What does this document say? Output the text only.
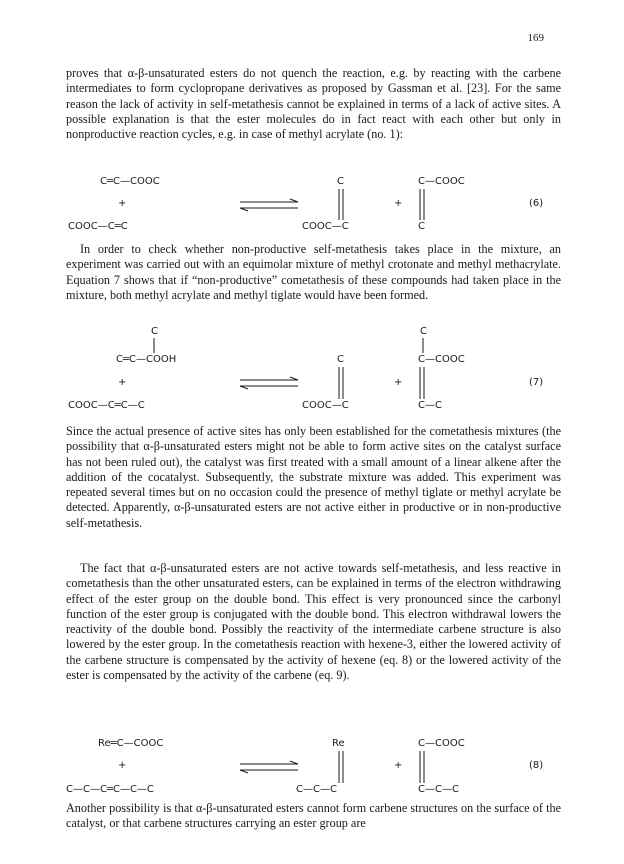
169

proves that α-β-unsaturated esters do not quench the reaction, e.g. by reacting with the carbene intermediates to form cyclopropane derivatives as proposed by Gassman et al. [23]. For the same reason the lack of activity in self-metathesis cannot be explained in terms of a lack of active sites. A possible explanation is that the ester molecules do in fact react with each other but only in nonproductive reaction cycles, e.g. in case of methyl acrylate (no. 1):

C═C—COOC
+
COOC—C═C
C
COOC—C
+
C—COOC
C
(6)

In order to check whether non-productive self-metathesis takes place in the mixture, an experiment was carried out with an equimolar mixture of methyl crotonate and methyl methacrylate. Equation 7 shows that if “non-productive” cometathesis of these compounds had taken place in the mixture, both methyl acrylate and methyl tiglate would have been formed.

C
C═C—COOH
+
COOC—C═C—C
C
COOC—C
+
C
C—COOC
C—C
(7)

Since the actual presence of active sites has only been established for the cometathesis mixtures (the possibility that α-β-unsaturated esters might not be able to form active sites on the catalyst surface has not been ruled out), the catalyst was first treated with a small amount of a linear alkene after the addition of the cocatalyst. Subsequently, the substrate mixture was added. This experiment was repeated several times but on no occasion could the presence of methyl tiglate or methyl acrylate be detected. Apparently, α-β-unsaturated esters are not active either in productive or in non-productive self-metathesis.

The fact that α-β-unsaturated esters are not active towards self-metathesis, and less reactive in cometathesis than the other unsaturated esters, can be explained in terms of the electron withdrawing effect of the ester group on the double bond. This effect is very pronounced since the carbonyl function of the ester group is conjugated with the double bond. This electron withdrawal lowers the reactivity of the double bond. Possibly the reactivity of the intermediate carbene structure is also lowered by the ester group. In the cometathesis reaction with hexene-3, either the lowered activity of the carbene structure is compensated by the activity of hexene (eq. 8) or the lowered activity of the ester is compensated by the activity of the carbene (eq. 9).

Re═C—COOC
+
C—C—C═C—C—C
Re
C—C—C
+
C—COOC
C—C—C
(8)

Another possibility is that α-β-unsaturated esters cannot form carbene structures on the surface of the catalyst, or that carbene structures carrying an ester group are
